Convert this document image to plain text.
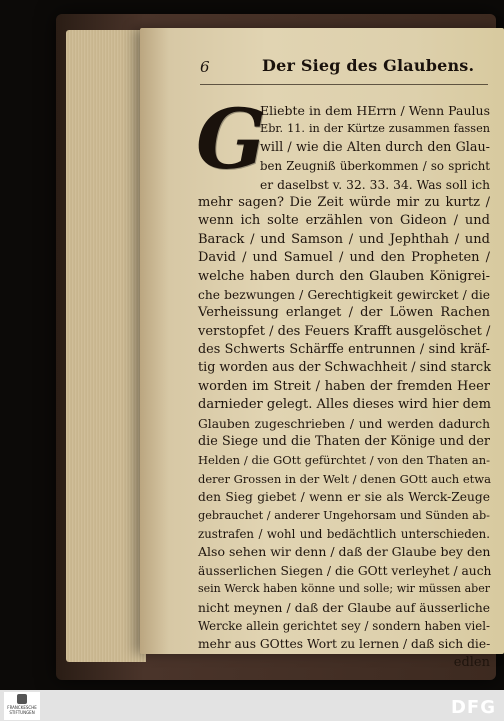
6	Der Sieg des Glaubens.
G
Eliebte in dem HErrn / Wenn Paulus
Ebr. 11. in der Kürtze zusammen fassen
will / wie die Alten durch den Glau-
ben Zeugniß überkommen / so spricht
er daselbst v. 32. 33. 34. Was soll ich
mehr sagen? Die Zeit würde mir zu kurtz /
wenn ich solte erzählen von Gideon / und
Barack / und Samson / und Jephthah / und
David / und Samuel / und den Propheten /
welche haben durch den Glauben Königrei-
che bezwungen / Gerechtigkeit gewircket / die
Verheissung erlanget / der Löwen Rachen
verstopfet / des Feuers Krafft ausgelöschet /
des Schwerts Schärffe entrunnen / sind kräf-
tig worden aus der Schwachheit / sind starck
worden im Streit / haben der fremden Heer
darnieder gelegt. Alles dieses wird hier dem
Glauben zugeschrieben / und werden dadurch
die Siege und die Thaten der Könige und der
Helden / die GOtt gefürchtet / von den Thaten an-
derer Grossen in der Welt / denen GOtt auch etwa
den Sieg giebet / wenn er sie als Werck-Zeuge
gebrauchet / anderer Ungehorsam und Sünden ab-
zustrafen / wohl und bedächtlich unterschieden.
Also sehen wir denn / daß der Glaube bey den
äusserlichen Siegen / die GOtt verleyhet / auch
sein Werck haben könne und solle; wir müssen aber
nicht meynen / daß der Glaube auf äusserliche
Wercke allein gerichtet sey / sondern haben viel-
mehr aus GOttes Wort zu lernen / daß sich die-
edlen
FRANCKESCHE STIFTUNGEN	DFG
